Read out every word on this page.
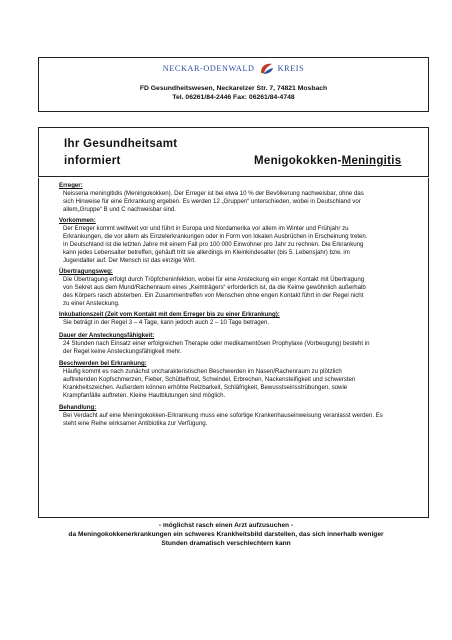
NECKAR-ODENWALD	KREIS
FD Gesundheitswesen, Neckarelzer Str. 7, 74821 Mosbach
Tel. 06261/84-2446 Fax: 06261/84-4748
Ihr Gesundheitsamt
informiert	Menigokokken-Meningitis
Erreger:

Neisseria meningitidis (Meningokokken). Der Erreger ist bei etwa 10 % der Bevölkerung nachweisbar, ohne das

sich Hinweise für eine Erkrankung ergeben. Es werden 12 „Gruppen“ unterschieden, wobei in Deutschland vor

allem„Gruppe“ B und C nachweisbar sind.

Vorkommen:

Der Erreger kommt weltweit vor und führt in Europa und Nordamerika vor allem im Winter und Frühjahr zu

Erkrankungen, die vor allem als Einzelerkrankungen oder in Form von lokalen Ausbrüchen in Erscheinung treten.

In Deutschland ist die letzten Jahre mit einem Fall pro 100 000 Einwohner pro Jahr zu rechnen. Die Erkrankung

kann jedes Lebensalter betreffen, gehäuft tritt sie allerdings im Kleinkindesalter (bis 5. Lebensjahr) bzw. im

Jugendalter auf. Der Mensch ist das einzige Wirt.

Übertragungsweg:

Die Übertragung erfolgt durch Tröpfcheninfektion, wobei für eine Ansteckung ein enger Kontakt mit Übertragung

von Sekret aus dem Mund/Rachenraum eines „Keimträgers“ erforderlich ist, da die Keime gewöhnlich außerhalb

des Körpers rasch absterben. Ein Zusammentreffen von Menschen ohne engen Kontakt führt in der Regel nicht

zu einer Ansteckung.

Inkubationszeit (Zeit vom Kontakt mit dem Erreger bis zu einer Erkrankung):

Sie beträgt in der Regel 3 – 4 Tage, kann jedoch auch 2 – 10 Tage betragen.

Dauer der Ansteckungsfähigkeit:

24 Stunden nach Einsatz einer erfolgreichen Therapie oder medikamentösen Prophylaxe (Vorbeugung) besteht in

der Regel keine Ansteckungsfähigkeit mehr.

Beschwerden bei Erkrankung:

Häufig kommt es nach zunächst uncharakteristischen Beschwerden im Nasen/Rachenraum zu plötzlich

auftretenden Kopfschmerzen, Fieber, Schüttelfrost, Schwindel, Erbrechen, Nackensteifigkeit und schwersten

Krankheitszeichen. Außerdem können erhöhte Reizbarkeit, Schläfrigkeit, Bewusstseinsstrübungen, sowie

Krampfanfälle auftreten. Kleine Hautblutungen sind möglich.

Behandlung:

Bei Verdacht auf eine Meningokokken-Erkrankung muss eine sofortige Krankenhauseinweisung veranlasst werden. Es

steht eine Reihe wirksamer Antibiotika zur Verfügung.

- möglichst rasch einen Arzt aufzusuchen -
da Meningokokkenerkrankungen ein schweres Krankheitsbild darstellen, das sich innerhalb weniger
Stunden dramatisch verschlechtern kann
